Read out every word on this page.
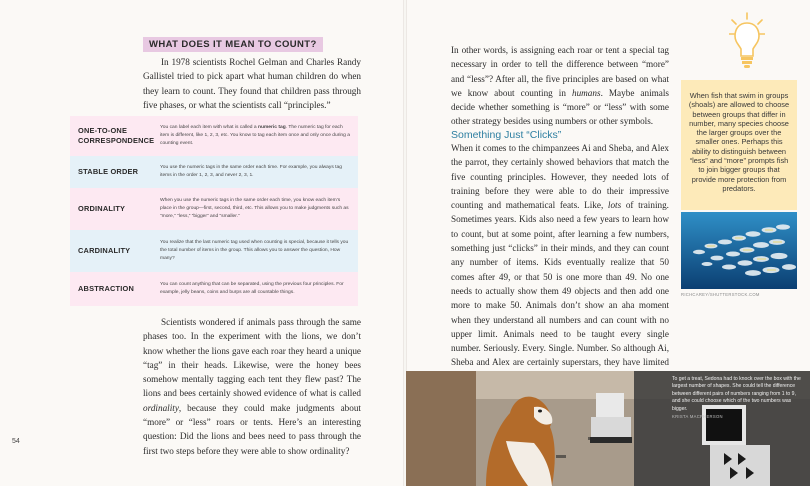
WHAT DOES IT MEAN TO COUNT?

In 1978 scientists Rochel Gelman and Charles Randy Gallistel tried to pick apart what human children do when they learn to count. They found that children pass through five phases, or what the scientists call “principles.”

ONE-TO-ONE CORRESPONDENCE
You can label each item with what is called a numeric tag. The numeric tag for each item is different, like 1, 2, 3, etc. You know to tag each item once and only once during a counting event.
STABLE ORDER	You use the numeric tags in the same order each time. For example, you always tag items in the order 1, 2, 3, and never 2, 3, 1.
ORDINALITY
When you use the numeric tags in the same order each time, you know each item’s place in the group—first, second, third, etc. This allows you to make judgments such as “more,” “less,” “bigger” and “smaller.”
CARDINALITY
You realize that the last numeric tag used when counting is special, because it tells you the total number of items in the group. This allows you to answer the question, How many?
ABSTRACTION	You can count anything that can be separated, using the previous four principles. For example, jelly beans, coins and burps are all countable things.

Scientists wondered if animals pass through the same phases too. In the experiment with the lions, we don’t know whether the lions gave each roar they heard a unique “tag” in their heads. Likewise, were the honey bees somehow mentally tagging each tent they flew past? The lions and bees certainly showed evidence of what is called ordinality, because they could make judgments about “more” or “less” roars or tents. Here’s an interesting question: Did the lions and bees need to pass through the first two steps before they were able to show ordinality?

54

In other words, is assigning each roar or tent a special tag necessary in order to tell the difference between “more” and “less”? After all, the five principles are based on what we know about counting in humans. Maybe animals decide whether something is “more” or “less” with some other strategy besides using numbers or other symbols.

Something Just “Clicks”

When it comes to the chimpanzees Ai and Sheba, and Alex the parrot, they certainly showed behaviors that match the five counting principles. However, they needed lots of training before they were able to do their impressive counting and mathematical feats. Like, lots of training. Sometimes years. Kids also need a few years to learn how to count, but at some point, after learning a few numbers, something just “clicks” in their minds, and they can count any number of items. Kids eventually realize that 50 comes after 49, or that 50 is one more than 49. No one needs to actually show them 49 objects and then add one more to make 50. Animals don’t show an aha moment when they understand all numbers and can count with no upper limit. Animals need to be taught every single number. Seriously. Every. Single. Number. So although Ai, Sheba and Alex are certainly superstars, they have limited

When fish that swim in groups (shoals) are allowed to choose between groups that differ in number, many species choose the larger groups over the smaller ones. Perhaps this ability to distinguish between “less” and “more” prompts fish to join bigger groups that provide more protection from predators.
RICHCAREY/SHUTTERSTOCK.COM
To get a treat, Sedona had to knock over the box with the largest number of shapes. She could tell the difference between different pairs of numbers ranging from 1 to 9, and she could choose which of the two numbers was bigger.
KRISTA MACPHERSON
